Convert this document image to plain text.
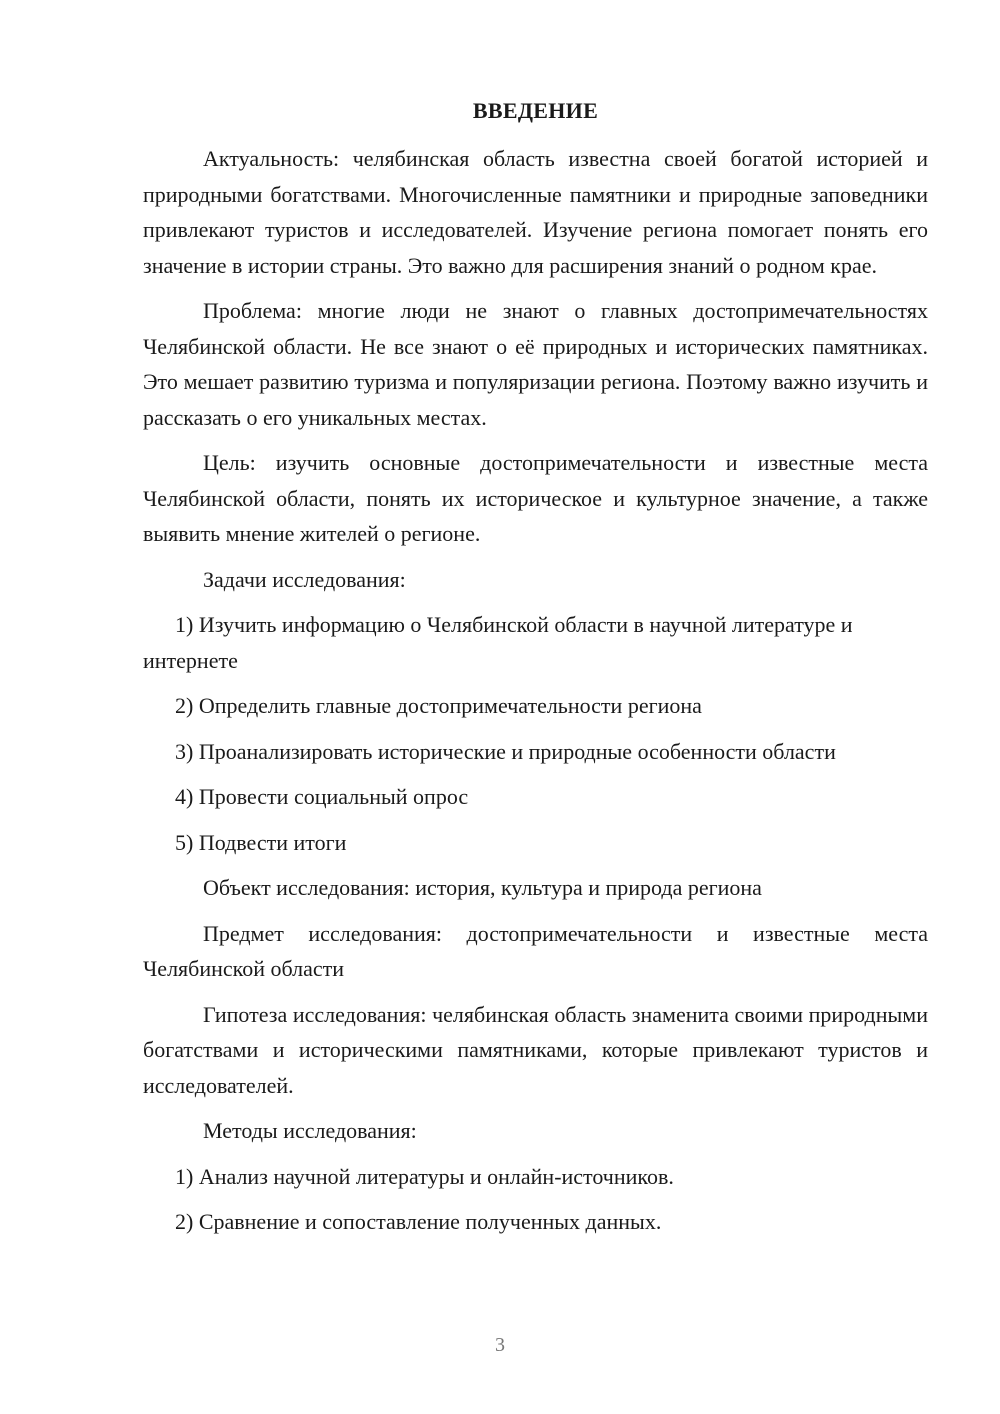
ВВЕДЕНИЕ

Актуальность: челябинская область известна своей богатой историей и природными богатствами. Многочисленные памятники и природные заповедники привлекают туристов и исследователей. Изучение региона помогает понять его значение в истории страны. Это важно для расширения знаний о родном крае.

Проблема: многие люди не знают о главных достопримечательностях Челябинской области. Не все знают о её природных и исторических памятниках. Это мешает развитию туризма и популяризации региона. Поэтому важно изучить и рассказать о его уникальных местах.

Цель: изучить основные достопримечательности и известные места Челябинской области, понять их историческое и культурное значение, а также выявить мнение жителей о регионе.

Задачи исследования:

1) Изучить информацию о Челябинской области в научной литературе и интернете

2) Определить главные достопримечательности региона

3) Проанализировать исторические и природные особенности области

4) Провести социальный опрос

5) Подвести итоги

Объект исследования: история, культура и природа региона

Предмет исследования: достопримечательности и известные места Челябинской области

Гипотеза исследования: челябинская область знаменита своими природными богатствами и историческими памятниками, которые привлекают туристов и исследователей.

Методы исследования:

1) Анализ научной литературы и онлайн-источников.

2) Сравнение и сопоставление полученных данных.

3
